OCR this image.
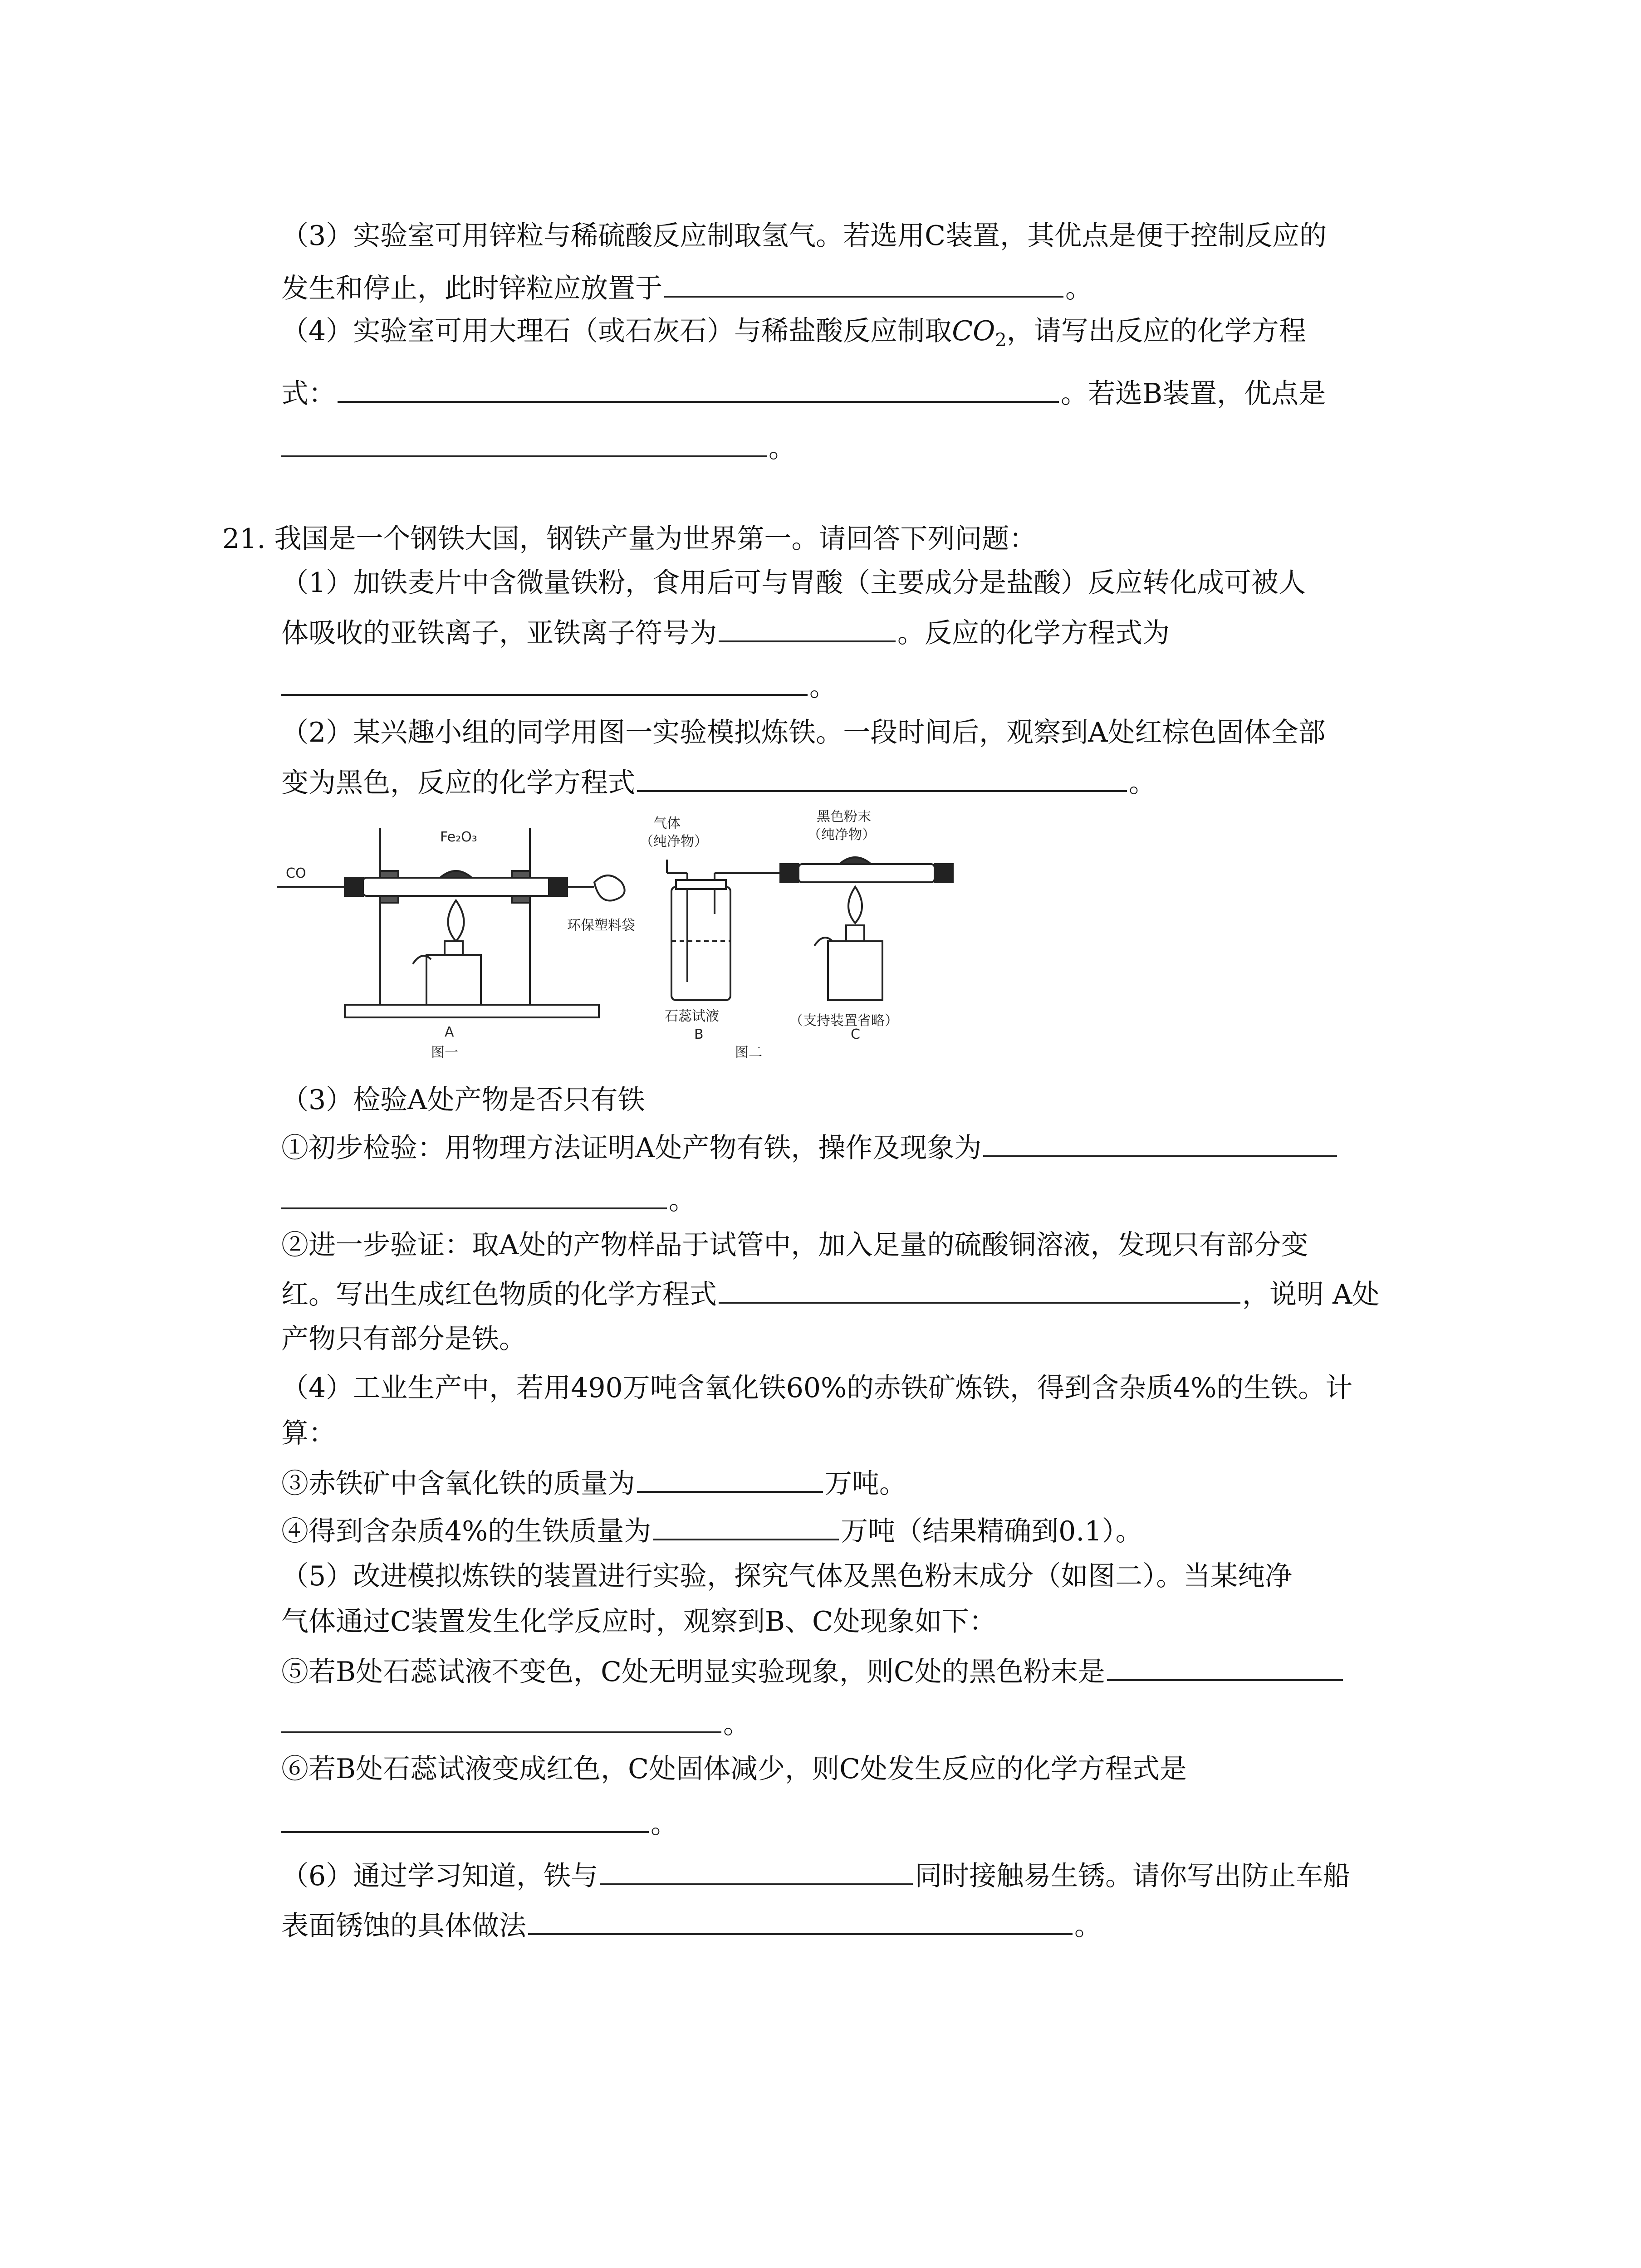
（3）实验室可用锌粒与稀硫酸反应制取氢气。若选用C装置，其优点是便于控制反应的
发生和停止，此时锌粒应放置于	。
（4）实验室可用大理石（或石灰石）与稀盐酸反应制取$CO_2$，请写出反应的化学方程
式：	。若选B装置，优点是
。
21. 我国是一个钢铁大国，钢铁产量为世界第一。请回答下列问题：
（1）加铁麦片中含微量铁粉，食用后可与胃酸（主要成分是盐酸）反应转化成可被人
体吸收的亚铁离子，亚铁离子符号为	。反应的化学方程式为
。
（2）某兴趣小组的同学用图一实验模拟炼铁。一段时间后，观察到A处红棕色固体全部
变为黑色，反应的化学方程式	。
CO
Fe₂O₃
环保塑料袋
气体
（纯净物）
黑色粉末
（纯净物）
石蕊试液	（支持装置省略）
A	B	C
图一	图二
（3）检验A处产物是否只有铁
①初步检验：用物理方法证明A处产物有铁，操作及现象为
。
②进一步验证：取A处的产物样品于试管中，加入足量的硫酸铜溶液，发现只有部分变
红。写出生成红色物质的化学方程式	，说明 A处
产物只有部分是铁。
（4）工业生产中，若用490万吨含氧化铁60%的赤铁矿炼铁，得到含杂质4%的生铁。计
算：
③赤铁矿中含氧化铁的质量为	万吨。
④得到含杂质4%的生铁质量为	万吨（结果精确到0.1）。
（5）改进模拟炼铁的装置进行实验，探究气体及黑色粉末成分（如图二）。当某纯净
气体通过C装置发生化学反应时，观察到B、C处现象如下：
⑤若B处石蕊试液不变色，C处无明显实验现象，则C处的黑色粉末是
。
⑥若B处石蕊试液变成红色，C处固体减少，则C处发生反应的化学方程式是
。
（6）通过学习知道，铁与	同时接触易生锈。请你写出防止车船
表面锈蚀的具体做法	。
